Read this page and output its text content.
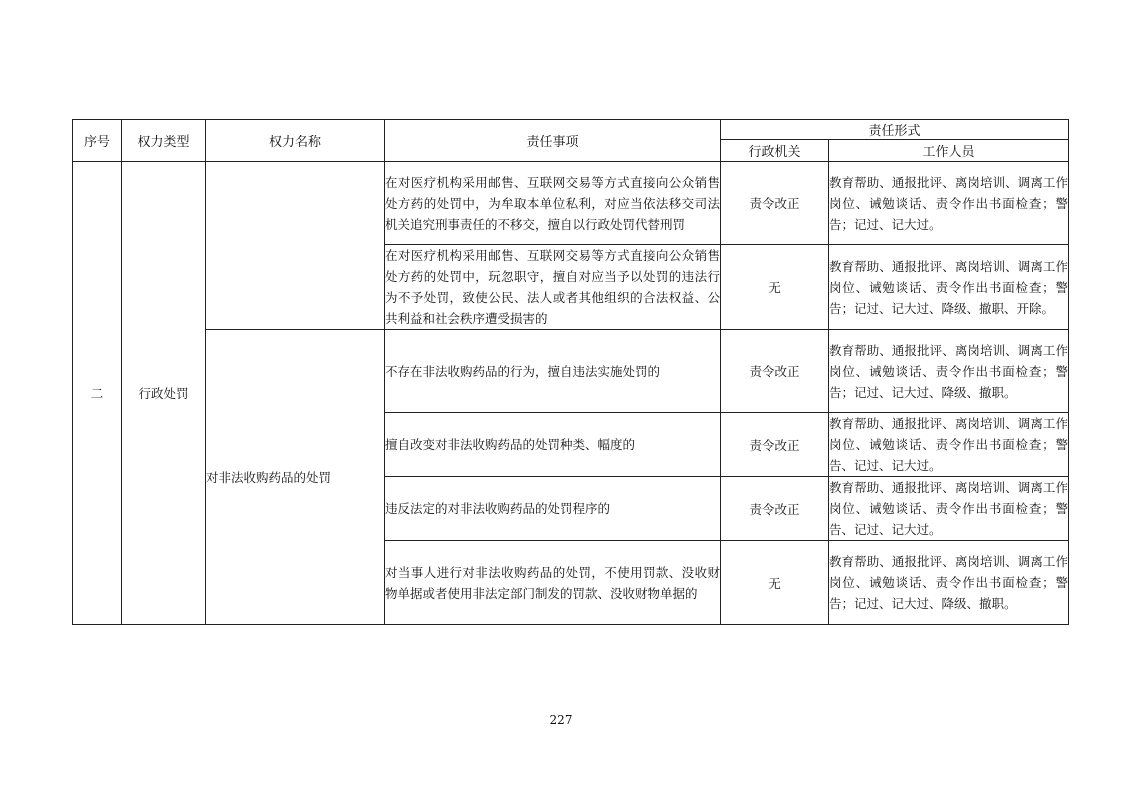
序号	权力类型	权力名称	责任事项	责任形式	
				行政机关	工作人员
二	行政处罚		在对医疗机构采用邮售、互联网交易等方式直接向公众销售处方药的处罚中，为牟取本单位私利，对应当依法移交司法机关追究刑事责任的不移交，擅自以行政处罚代替刑罚	责令改正	教育帮助、通报批评、离岗培训、调离工作岗位、诫勉谈话、责令作出书面检查；警告；记过、记大过。
			在对医疗机构采用邮售、互联网交易等方式直接向公众销售处方药的处罚中，玩忽职守，擅自对应当予以处罚的违法行为不予处罚，致使公民、法人或者其他组织的合法权益、公共利益和社会秩序遭受损害的	无	教育帮助、通报批评、离岗培训、调离工作岗位、诫勉谈话、责令作出书面检查；警告；记过、记大过、降级、撤职、开除。
		对非法收购药品的处罚	不存在非法收购药品的行为，擅自违法实施处罚的	责令改正	教育帮助、通报批评、离岗培训、调离工作岗位、诫勉谈话、责令作出书面检查；警告；记过、记大过、降级、撤职。
			擅自改变对非法收购药品的处罚种类、幅度的	责令改正	教育帮助、通报批评、离岗培训、调离工作岗位、诫勉谈话、责令作出书面检查；警告、记过、记大过。
			违反法定的对非法收购药品的处罚程序的	责令改正	教育帮助、通报批评、离岗培训、调离工作岗位、诫勉谈话、责令作出书面检查；警告、记过、记大过。
			对当事人进行对非法收购药品的处罚，不使用罚款、没收财物单据或者使用非法定部门制发的罚款、没收财物单据的	无	教育帮助、通报批评、离岗培训、调离工作岗位、诫勉谈话、责令作出书面检查；警告；记过、记大过、降级、撤职。
227
